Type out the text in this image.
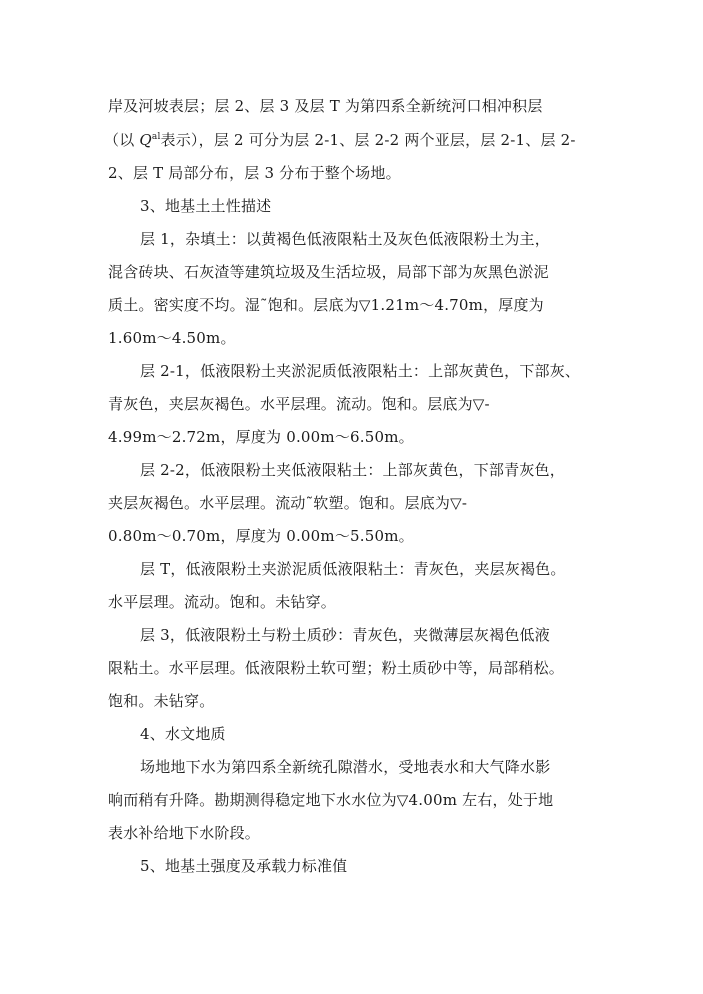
岸及河坡表层；层 2、层 3 及层 T 为第四系全新统河口相冲积层
（以 $Q^{al}$表示），层 2 可分为层 2-1、层 2-2 两个亚层，层 2-1、层 2-
2、层 T 局部分布，层 3 分布于整个场地。
3、地基土土性描述
层 1，杂填土：以黄褐色低液限粘土及灰色低液限粉土为主，
混含砖块、石灰渣等建筑垃圾及生活垃圾，局部下部为灰黑色淤泥
质土。密实度不均。湿˜饱和。层底为▽1.21m～4.70m，厚度为
1.60m～4.50m。
层 2-1，低液限粉土夹淤泥质低液限粘土：上部灰黄色，下部灰、
青灰色，夹层灰褐色。水平层理。流动。饱和。层底为▽-
4.99m～2.72m，厚度为 0.00m～6.50m。
层 2-2，低液限粉土夹低液限粘土：上部灰黄色，下部青灰色，
夹层灰褐色。水平层理。流动˜软塑。饱和。层底为▽-
0.80m～0.70m，厚度为 0.00m～5.50m。
层 T，低液限粉土夹淤泥质低液限粘土：青灰色，夹层灰褐色。
水平层理。流动。饱和。未钻穿。
层 3，低液限粉土与粉土质砂：青灰色，夹微薄层灰褐色低液
限粘土。水平层理。低液限粉土软可塑；粉土质砂中等，局部稍松。
饱和。未钻穿。
4、水文地质
场地地下水为第四系全新统孔隙潜水，受地表水和大气降水影
响而稍有升降。勘期测得稳定地下水水位为▽4.00m 左右，处于地
表水补给地下水阶段。
5、地基土强度及承载力标准值
